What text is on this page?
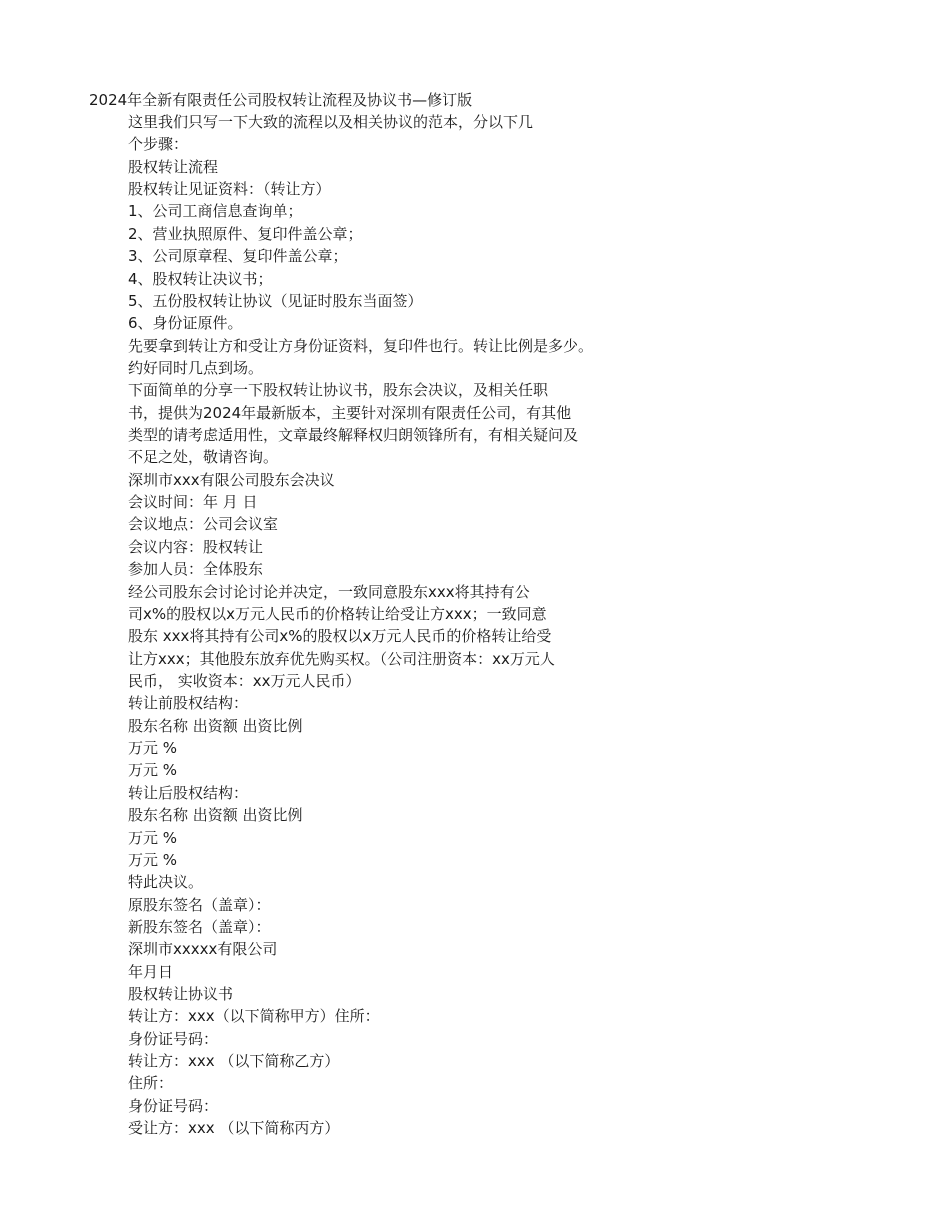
2024年全新有限责任公司股权转让流程及协议书—修订版
这里我们只写一下大致的流程以及相关协议的范本，分以下几
个步骤：
股权转让流程
股权转让见证资料：（转让方）
1、公司工商信息查询单；
2、营业执照原件、复印件盖公章；
3、公司原章程、复印件盖公章；
4、股权转让决议书；
5、五份股权转让协议（见证时股东当面签）
6、身份证原件。
先要拿到转让方和受让方身份证资料，复印件也行。转让比例是多少。
约好同时几点到场。
下面简单的分享一下股权转让协议书，股东会决议，及相关任职
书，提供为2024年最新版本，主要针对深圳有限责任公司，有其他
类型的请考虑适用性，文章最终解释权归朗领锋所有，有相关疑问及
不足之处，敬请咨询。
深圳市xxx有限公司股东会决议
会议时间：年 月 日
会议地点：公司会议室
会议内容：股权转让
参加人员：全体股东
经公司股东会讨论讨论并决定，一致同意股东xxx将其持有公
司x%的股权以x万元人民币的价格转让给受让方xxx；一致同意
股东 xxx将其持有公司x%的股权以x万元人民币的价格转让给受
让方xxx；其他股东放弃优先购买权。（公司注册资本：xx万元人
民币， 实收资本：xx万元人民币）
转让前股权结构：
股东名称 出资额 出资比例
万元 %
万元 %
转让后股权结构：
股东名称 出资额 出资比例
万元 %
万元 %
特此决议。
原股东签名（盖章）：
新股东签名（盖章）：
深圳市xxxxx有限公司
年月日
股权转让协议书
转让方：xxx（以下简称甲方）住所：
身份证号码：
转让方：xxx （以下简称乙方）
住所：
身份证号码：
受让方：xxx （以下简称丙方）
